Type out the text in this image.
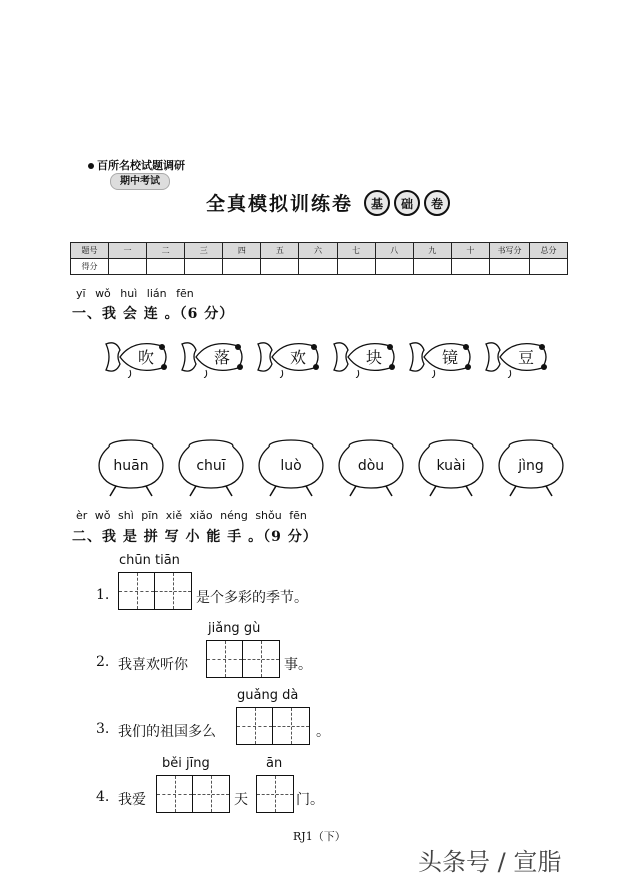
百所名校试题调研
期中考试
全真模拟训练卷	基	础	卷
题号	一	二	三	四	五	六	七	八	九	十	书写分	总分
得分												
yī wǒ huì lián fēn
一、我 会 连 。（6 分）
吹	落	欢	块	镜	豆
huān	chuī	luò	dòu	kuài	jìng
èr wǒ shì pīn xiě xiǎo néng shǒu fēn
二、我 是 拼 写 小 能 手 。（9 分）
1.
chūn tiān
是个多彩的季节。
2. 我喜欢听你
jiǎng gù
事。
3. 我们的祖国多么
guǎng dà
。
4. 我爱
běi jīng
天
ān
门。
RJ1（下）
头条号 / 宣脂
